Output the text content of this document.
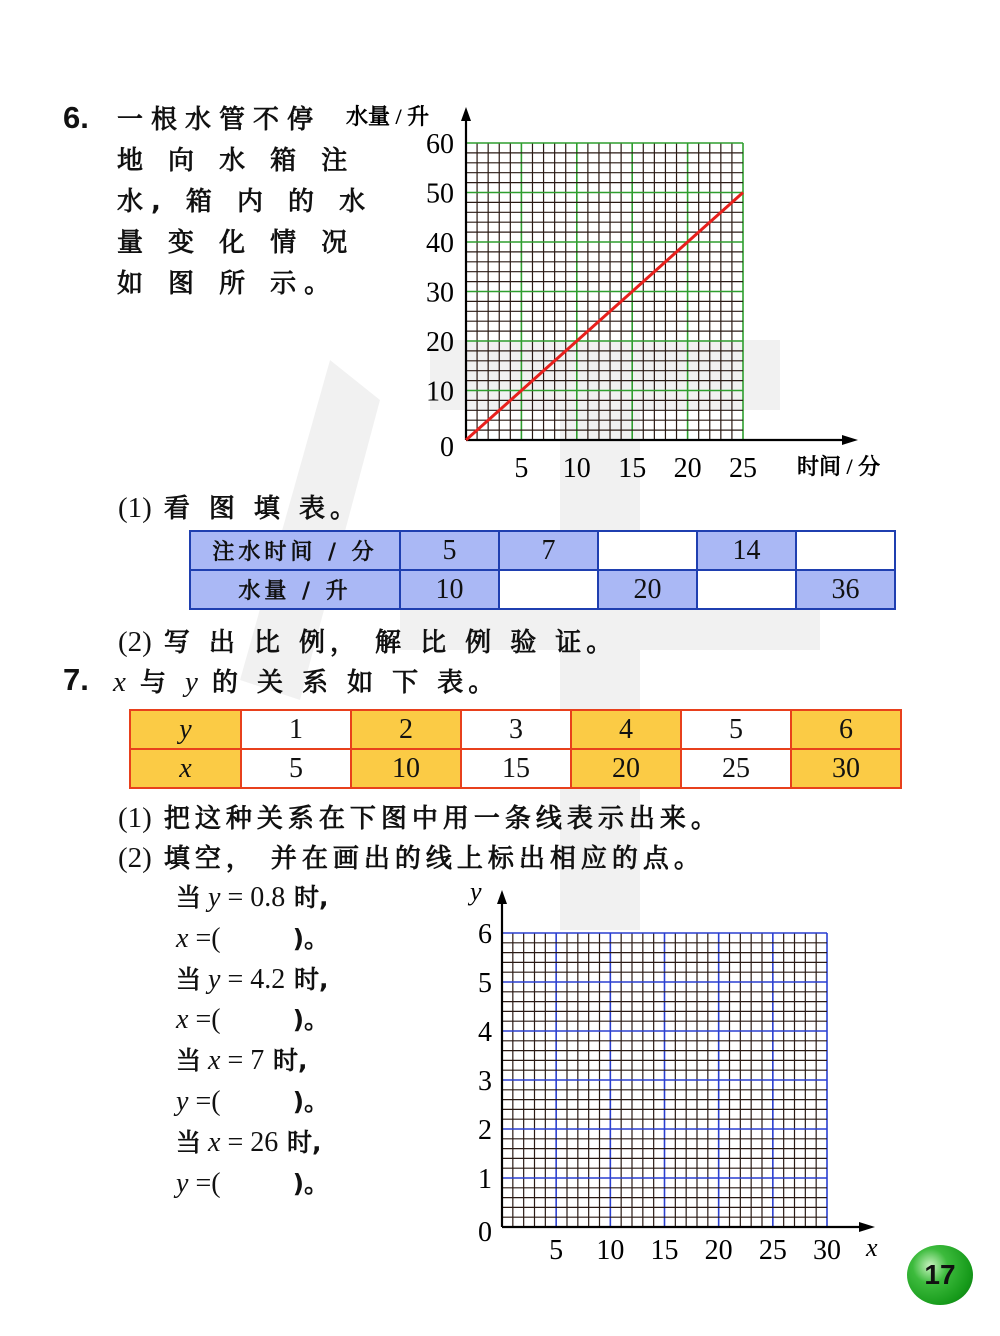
6. 一根水管不停
地 向 水 箱 注
水, 箱 内 的 水
量 变 化 情 况
如 图 所 示。
5 10 15 20 25
0
10
20
30
40
50
60
水量 / 升
时间 / 分
(1) 看 图 填 表。
注水时间 / 分	5	7		14	
水量 / 升	10		20		36
(2) 写 出 比 例， 解 比 例 验 证。
7. x 与 y 的 关 系 如 下 表。
y	1	2	3	4	5	6
x	5	10	15	20	25	30
(1) 把这种关系在下图中用一条线表示出来。
(2) 填空， 并在画出的线上标出相应的点。
当 y = 0.8 时,
x =(	)。
当 y = 4.2 时,
x =(	)。
当 x = 7 时,
y =(	)。
当 x = 26 时,
y =(	)。
5 10 15 20 25 30
0
1
2
3
4
5
6
y
x
17
